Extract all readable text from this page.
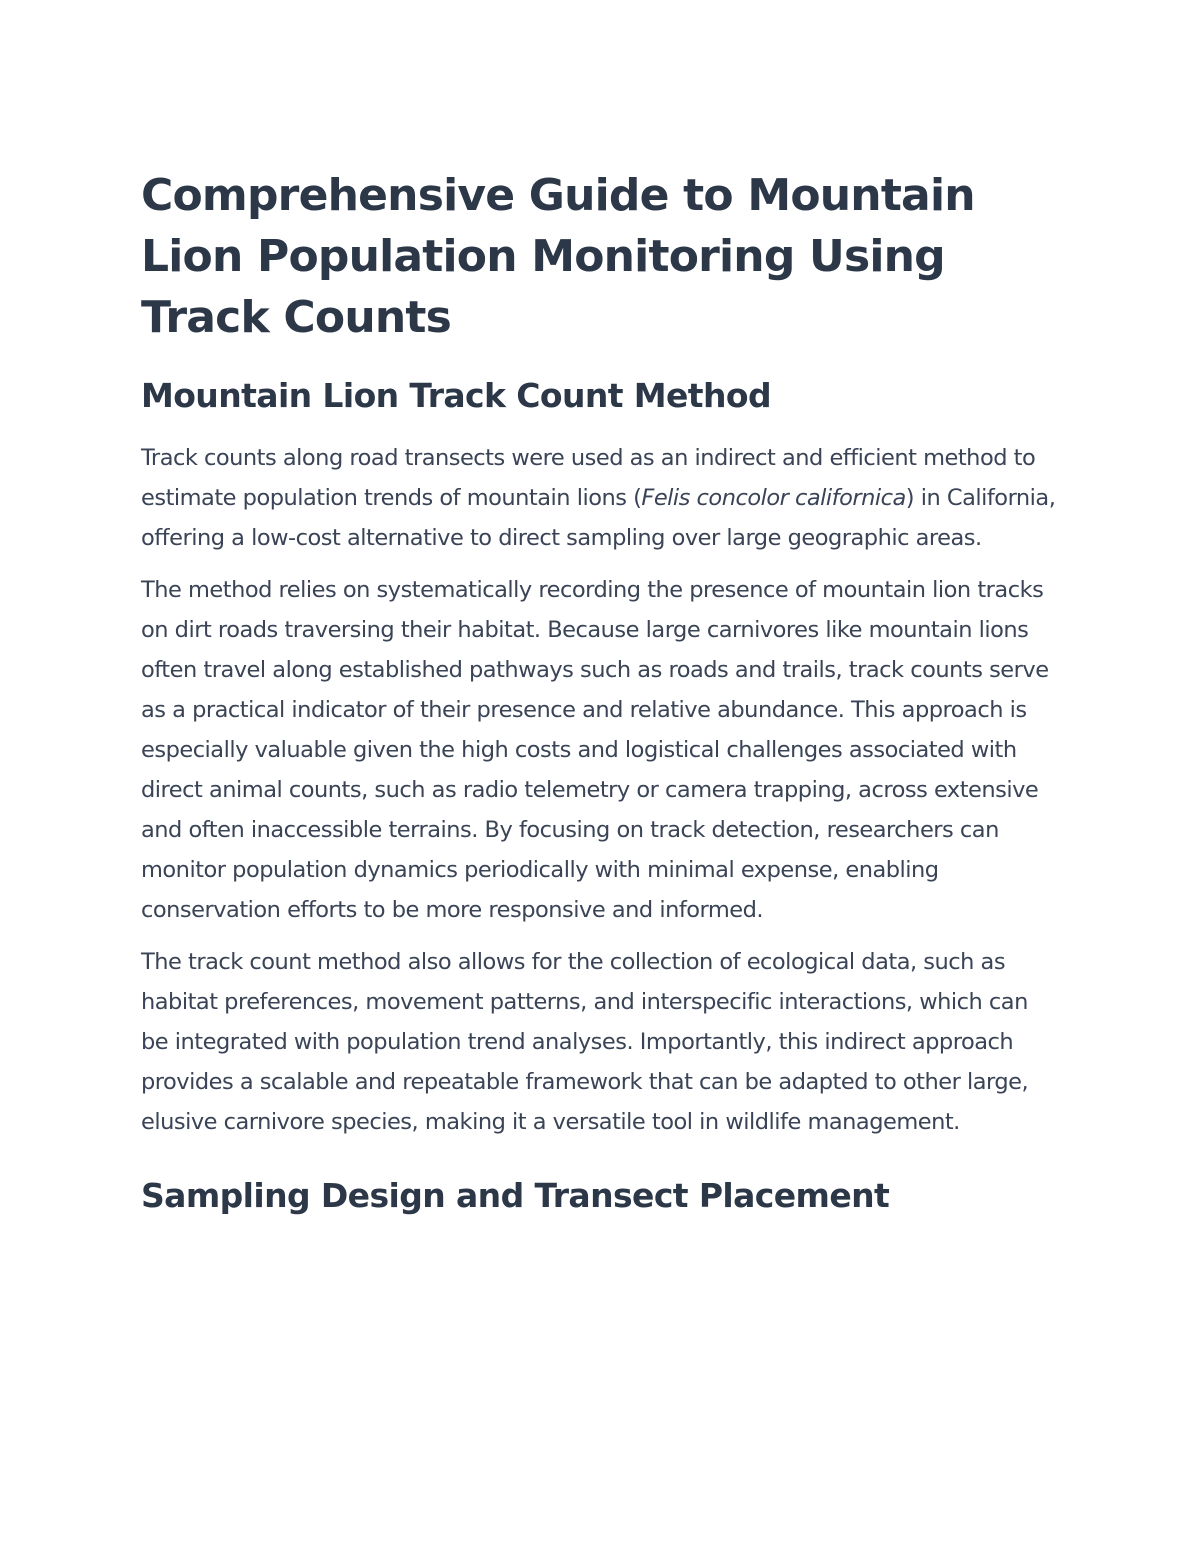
Comprehensive Guide to Mountain Lion Population Monitoring Using Track Counts
Mountain Lion Track Count Method

Track counts along road transects were used as an indirect and efficient method to estimate population trends of mountain lions (Felis concolor californica) in California, offering a low-cost alternative to direct sampling over large geographic areas.

The method relies on systematically recording the presence of mountain lion tracks on dirt roads traversing their habitat. Because large carnivores like mountain lions often travel along established pathways such as roads and trails, track counts serve as a practical indicator of their presence and relative abundance. This approach is especially valuable given the high costs and logistical challenges associated with direct animal counts, such as radio telemetry or camera trapping, across extensive and often inaccessible terrains. By focusing on track detection, researchers can monitor population dynamics periodically with minimal expense, enabling conservation efforts to be more responsive and informed.

The track count method also allows for the collection of ecological data, such as habitat preferences, movement patterns, and interspecific interactions, which can be integrated with population trend analyses. Importantly, this indirect approach provides a scalable and repeatable framework that can be adapted to other large, elusive carnivore species, making it a versatile tool in wildlife management.

Sampling Design and Transect Placement
